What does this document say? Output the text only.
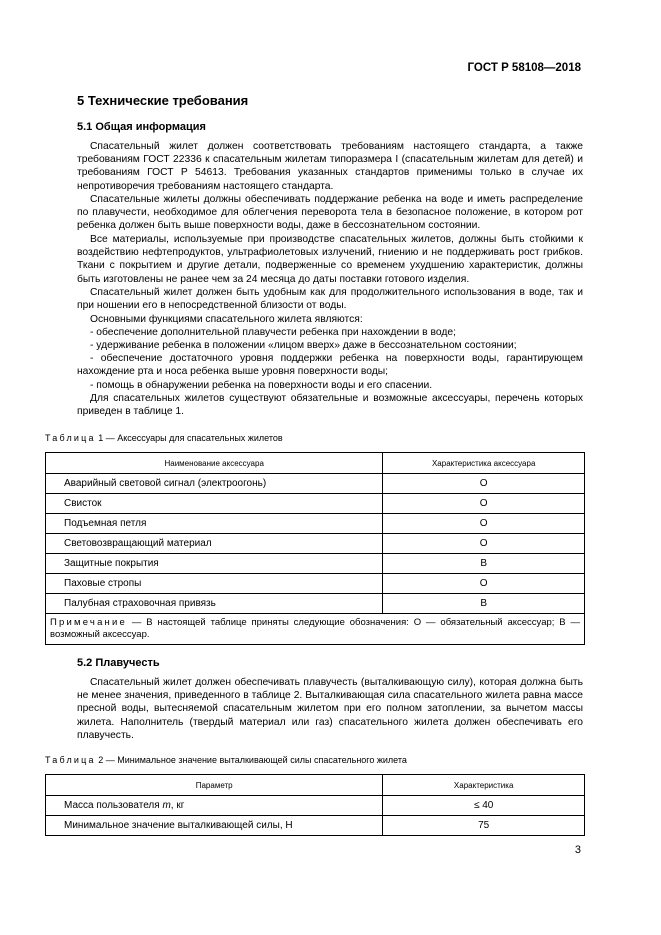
ГОСТ Р 58108—2018
5 Технические требования
5.1 Общая информация

Спасательный жилет должен соответствовать требованиям настоящего стандарта, а также требованиям ГОСТ 22336 к спасательным жилетам типоразмера I (спасательным жилетам для детей) и требованиям ГОСТ Р 54613. Требования указанных стандартов применимы только в случае их непротиворечия требованиям настоящего стандарта.

Спасательные жилеты должны обеспечивать поддержание ребенка на воде и иметь распределение по плавучести, необходимое для облегчения переворота тела в безопасное положение, в котором рот ребенка должен быть выше поверхности воды, даже в бессознательном состоянии.

Все материалы, используемые при производстве спасательных жилетов, должны быть стойкими к воздействию нефтепродуктов, ультрафиолетовых излучений, гниению и не поддерживать рост грибков. Ткани с покрытием и другие детали, подверженные со временем ухудшению характеристик, должны быть изготовлены не ранее чем за 24 месяца до даты поставки готового изделия.

Спасательный жилет должен быть удобным как для продолжительного использования в воде, так и при ношении его в непосредственной близости от воды.

Основными функциями спасательного жилета являются:

- обеспечение дополнительной плавучести ребенка при нахождении в воде;

- удерживание ребенка в положении «лицом вверх» даже в бессознательном состоянии;

- обеспечение достаточного уровня поддержки ребенка на поверхности воды, гарантирующем нахождение рта и носа ребенка выше уровня поверхности воды;

- помощь в обнаружении ребенка на поверхности воды и его спасении.

Для спасательных жилетов существуют обязательные и возможные аксессуары, перечень которых приведен в таблице 1.

Таблица 1 — Аксессуары для спасательных жилетов
Наименование аксессуара	Характеристика аксессуара
Аварийный световой сигнал (электроогонь)	О
Свисток	О
Подъемная петля	О
Световозвращающий материал	О
Защитные покрытия	В
Паховые стропы	О
Палубная страховочная привязь	В
Примечание — В настоящей таблице приняты следующие обозначения: О — обязательный аксессуар; В — возможный аксессуар.	
5.2 Плавучесть

Спасательный жилет должен обеспечивать плавучесть (выталкивающую силу), которая должна быть не менее значения, приведенного в таблице 2. Выталкивающая сила спасательного жилета равна массе пресной воды, вытесняемой спасательным жилетом при его полном затоплении, за вычетом массы жилета. Наполнитель (твердый материал или газ) спасательного жилета должен обеспечивать его плавучесть.

Таблица 2 — Минимальное значение выталкивающей силы спасательного жилета
Параметр	Характеристика
Масса пользователя m, кг	≤ 40
Минимальное значение выталкивающей силы, Н	75
3
